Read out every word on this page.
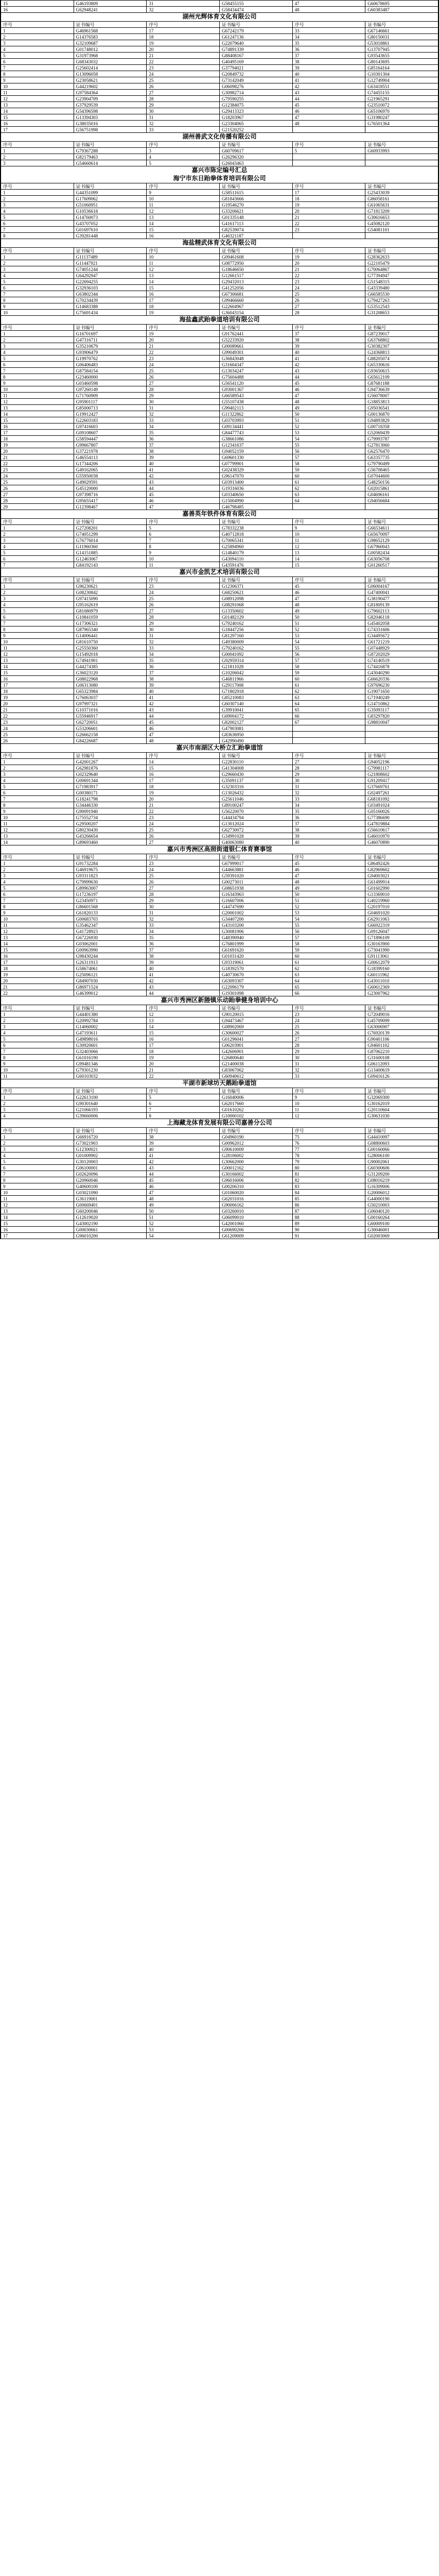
15	G46193809	31	G58455155	47	G60678695
16	G62948241	32	G58434474	48	G60383487
湖州光辉体育文化有限公司
序号	证书编号	序号	证书编号	序号	证书编号
1	G46961568	17	G67242179	33	G67146661
2	G14376583	18	G61247136	34	G80150031
3	G32109687	19	G22079640	35	G53018861
4	G01748012	20	G74891339	36	G13707945
5	G31973968	21	G88408167	37	G93543655
6	G68343032	22	G40495169	38	G80143695
7	G25602414	23	G37794021	39	G85164164
8	G13096058	24	G20849732	40	G10301304
9	G23058621	25	G73142049	41	G12749904
10	G44219602	26	G06098276	42	G63418551
11	G97584364	27	G30982714	43	G74455155
12	G23904709	28	G79590255	44	G21965291
13	G37929539	29	G12384075	45	G23510072
14	G54396598	30	G29413323	46	G65106970
15	G13394303	31	G18203967	47	G31980247
16	G38035016	32	G23304065	48	G76501364
17	G56751998	33	G21520252		
湖州善武文化传播有限公司
序号	证书编号	序号	证书编号	序号	证书编号
1	G79367288	3	G60709617	5	G60933993
2	G82179463	4	G26296320		
3	G54660614	5	G26043463		
嘉兴市陈定编号汇总
海宁市东日跆拳体育培训有限公司
序号	证书编号	序号	证书编号	序号	证书编号
1	G44351099	9	G58511615	17	G25433039
2	G17609062	10	G81843666	18	G86058161
3	G51060951	11	G19546270	19	G61065631
4	G10536618	12	G33206621	20	G71813209
5	G14760073	13	G01335148	21	G30616653
6	G43707052	14	G41617113	22	G45082120
7	G01697610	15	G82539074	23	G54081101
8	G39281448	16	G46321187		
海盐精武体育文化有限公司
序号	证书编号	序号	证书编号	序号	证书编号
1	G11137489	10	G09461608	19	G28362633
2	G11447921	11	G08772950	20	G22105479
3	G74051244	12	G18646650	21	G70064867
4	G64292947	13	G12661517	22	G77394947
5	G22694255	14	G29432013	23	G51548315
6	G32936103	15	G41252056	24	G43339480
7	G63802344	16	G67306681	25	G66585530
8	G70234439	17	G99466660	26	G79427263
9	G14683388	18	G22604967	27	G53512543
10	G75691434	19	G36043154	28	G31208653
海盐鑫武跆拳道培训有限公司
序号	证书编号	序号	证书编号	序号	证书编号
1	G16701697	19	G91762441	37	G87239017
2	G47316711	20	G52233920	38	G63768802
3	G35210679	21	G00089661	39	G30382307
4	G93906479	22	G99049301	40	G24368813
5	G19970762	23	G36843048	41	G88205074
6	G06406483	24	G31604347	42	G65330616
7	G87584154	25	G13034247	43	G93650615
8	G23460000	26	G75604488	44	G65612109
9	G03460598	27	G56541120	45	G87681188
10	G97260149	28	G93001367	46	G94736639
11	G71760909	29	G66589543	47	G56078007
12	G95901117	30	G55107438	48	G18853813
13	G85000713	31	G99402113	49	G95036541
14	G19912427	32	G11322862	50	G00136870
15	G22603183	33	G03703993	51	G94893829
16	G97416603	34	G09134441	52	G00718358
17	G09108607	35	G84477743	53	G52069439
18	G58594447	36	G38661086	54	G79993787
19	G99667807	37	G12341637	55	G27813060
20	G37221978	38	G94052159	56	G62576470
21	G46554113	39	G69601330	57	G63357735
22	G17344206	40	G07799901	58	G79790499
23	G49162065	41	G02438329	59	G56708465
24	G55950038	42	G96147070	60	G07044600
25	G49029591	43	G03913400	61	G48250156
26	G45120000	44	G19316036	62	G02015861
27	G97398716	45	G03340650	63	G04696161
28	G95655417	46	G15004990	64	G94056684
29	G12398467	47	G46798485		
嘉善英年铁件体育有限公司
序号	证书编号	序号	证书编号	序号	证书编号
1	G27208201	5	G78332238	9	G66534611
2	G74051299	6	G40712818	10	G65670097
3	G76776014	7	G70065341	11	G98652129
4	G11960360	8	G25894960	12	G67960043
5	G14151885	9	G14840179	13	G00582434
6	G12463067	10	G43094110	14	G63056708
7	G84192143	11	G43591476	15	G01260517
嘉兴市金凯艺术培训有限公司
序号	证书编号	序号	证书编号	序号	证书编号
1	G96230621	23	G12306371	45	G06004167
2	G08230842	24	G68250621	46	G47400041
3	G97415090	25	G08912098	47	G38190477
4	G95162619	26	G08291068	48	G81809139
5	G81080979	27	G13350602	49	G79602113
6	G10841059	28	G01482129	50	G82046118
7	G17306321	29	G79240162	51	G45402058
8	G87965340	30	G18447256	52	G74331606
9	G14006441	31	G81297160	53	G34495672
10	G81610750	32	G49380009	54	G61721219
11	G25550360	33	G79240162	55	G07448929
12	G15492018	34	G00041092	56	G87202029
13	G74941901	35	G92959314	57	G74140519
14	G44274385	36	G21811028	58	G74416878
15	G36023120	37	G10206042	59	G43040290
16	G08022968	38	G46811966	60	G66620336
17	G06313080	39	G29117008	61	G97696230
18	G65323984	40	G71802918	62	G19071650
19	G76063037	41	G85210083	63	G71940249
20	G97997321	42	G60307140	64	G14710862
21	G10371016	43	G39910041	65	G35093117
22	G55946917	44	G69004172	66	G83297820
23	G62720051	45	G82002127	67	G98810047
24	G53206601	46	G47903081		
25	G26662158	47	G83636950		
26	G84226687	48	G42990490		
嘉兴市南湖区大桥立汇跆拳道馆
序号	证书编号	序号	证书编号	序号	证书编号
1	G42001267	14	G22830110	27	G94052196
2	G62981876	15	G41304008	28	G79981117
3	G02329640	16	G29660430	29	G21808602
4	G00691344	17	G35091137	30	G91209417
5	G71983917	18	G32303316	31	G37669761
6	G00380171	19	G13026432	32	G02497261
7	G18241798	20	G25611046	33	G68181092
8	G34446330	21	G89100247	34	G03491024
9	G90091940	22	G56220070	35	G05160026
10	G75552734	23	G44434794	36	G77386690
11	G29500207	24	G13012024	37	G47819884
12	G80230430	25	G62730072	38	G56610617
13	G43266654	26	G34991028	39	G46010970
14	G89693460	27	G40063080	40	G46070890
嘉兴市秀洲区高照街道银仁体育赛事馆
序号	证书编号	序号	证书编号	序号	证书编号
1	G91732284	23	G67999017	45	G86492426
2	G46919675	24	G44663881	46	G82969602
3	G93311823	25	G59391020	47	G94003021
4	G79999630	26	G00273011	48	G61499914
5	G89963007	27	G08651938	49	G01602990
6	G17236197	28	G16343963	50	G13369010
7	G23450971	29	G16607006	51	G40219960
8	G86601568	30	G44747690	52	G20197010
9	G61820133	31	G20001002	53	G04691020
10	G00683703	32	G34407200	54	G62911063
11	G35462347	33	G43103200	55	G66922319
12	G41728923	34	G30081906	56	G09126047
13	G67226930	35	G48390940	57	G71896109
14	G03062001	36	G76801999	58	G30163900
15	G00963990	37	G61691620	59	G73041990
16	G98430244	38	G01031420	60	G91113061
17	G26311913	39	G93319061	61	G00612079
18	G58674061	40	G18392570	62	G18399160
19	G25096121	41	G40730670	63	G60111962
20	G84907030	42	G63093307	64	G43011010
21	G86971524	43	G22096179	65	G60612369
22	G46399012	44	G19301098	66	G23007962
嘉兴市秀洲区新塍镇乐动跆拳健身培训中心
序号	证书编号	序号	证书编号	序号	证书编号
1	G44401380	12	G90120015	23	G72049016
2	G20992784	13	G94473467	24	G45709099
3	G14060002	14	G08902069	25	G63006907
4	G47193611	15	G30600027	26	G76920139
5	G49898016	16	G01296041	27	G90401106
6	G30920601	17	G06203901	28	G94601102
7	G32403066	18	G42606901	29	G87062210
8	G61016190	19	G26800640	30	G31600108
9	G99481346	20	G21400038	31	G06112093
10	G79301230	21	G83067062	32	G13400619
11	G60103032	22	G60940612	33	G09416126
平湖市新球坊天鹅跆拳道馆
序号	证书编号	序号	证书编号	序号	证书编号
1	G22613100	5	G16040006	9	G32069300
2	G90301640	6	G62017660	10	G30162019
3	G21066193	7	G01610262	11	G20110604
4	G39660006	8	G10000102	12	G30631030
上海藏龙体育发展有限公司嘉善分公司
序号	证书编号	序号	证书编号	序号	证书编号
1	G66916720	38	G04960190	75	G44410097
2	G73021903	39	G00962012	76	G08800603
3	G12300021	40	G90610009	77	G00160066
4	G01009902	41	G28106002	78	G28006100
5	G30120003	42	G30662000	79	G90002061
6	G06100001	43	G00012162	80	G60300606
7	G02620096	44	G30166002	81	G31209200
8	G20960046	45	G96016006	82	G08016219
9	G40600100	46	G00206310	83	G16309006
10	G03021090	47	G01060020	84	G20006012
11	G36119001	48	G62031016	85	G44000190
12	G00669401	49	G90006162	86	G50210003
13	G60200046	50	G03260010	87	G06040120
14	G12619020	51	G06099010	88	G00160264
15	G43002190	52	G42001060	89	G60009100
16	G00030661	53	G00690206	90	G30046001
17	G96010200	54	G61209009	91	G02003069
